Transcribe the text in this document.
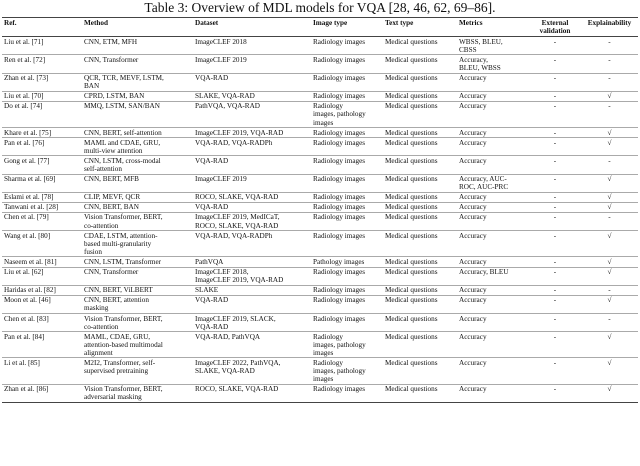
Table 3: Overview of MDL models for VQA [28, 46, 62, 69–86].
Ref.	Method	Dataset	Image type	Text type	Metrics	External
validation	Explainability
Liu et al. [71]	CNN, ETM, MFH	ImageCLEF 2018	Radiology images	Medical questions	WBSS, BLEU,
CBSS	-	-
Ren et al. [72]	CNN, Transformer	ImageCLEF 2019	Radiology images	Medical questions	Accuracy,
BLEU, WBSS	-	-
Zhan et al. [73]	QCR, TCR, MEVF, LSTM,
BAN	VQA-RAD	Radiology images	Medical questions	Accuracy	-	-
Liu et al. [70]	CPRD, LSTM, BAN	SLAKE, VQA-RAD	Radiology images	Medical questions	Accuracy	-	√
Do et al. [74]	MMQ, LSTM, SAN/BAN	PathVQA, VQA-RAD	Radiology
images, pathology
images	Medical questions	Accuracy	-	-
Khare et al. [75]	CNN, BERT, self-attention	ImageCLEF 2019, VQA-RAD	Radiology images	Medical questions	Accuracy	-	√
Pan et al. [76]	MAML and CDAE, GRU,
multi-view attention	VQA-RAD, VQA-RADPh	Radiology images	Medical questions	Accuracy	-	√
Gong et al. [77]	CNN, LSTM, cross-modal
self-attention	VQA-RAD	Radiology images	Medical questions	Accuracy	-	-
Sharma et al. [69]	CNN, BERT, MFB	ImageCLEF 2019	Radiology images	Medical questions	Accuracy, AUC-
ROC, AUC-PRC	-	√
Eslami et al. [78]	CLIP, MEVF, QCR	ROCO, SLAKE, VQA-RAD	Radiology images	Medical questions	Accuracy	-	√
Tanwani et al. [28]	CNN, BERT, BAN	VQA-RAD	Radiology images	Medical questions	Accuracy	-	√
Chen et al. [79]	Vision Transformer, BERT,
co-attention	ImageCLEF 2019, MedICaT,
ROCO, SLAKE, VQA-RAD	Radiology images	Medical questions	Accuracy	-	-
Wang et al. [80]	CDAE, LSTM, attention-
based multi-granularity
fusion	VQA-RAD, VQA-RADPh	Radiology images	Medical questions	Accuracy	-	√
Naseem et al. [81]	CNN, LSTM, Transformer	PathVQA	Pathology images	Medical questions	Accuracy	-	√
Liu et al. [62]	CNN, Transformer	ImageCLEF 2018,
ImageCLEF 2019, VQA-RAD	Radiology images	Medical questions	Accuracy, BLEU	-	√
Haridas et al. [82]	CNN, BERT, ViLBERT	SLAKE	Radiology images	Medical questions	Accuracy	-	-
Moon et al. [46]	CNN, BERT, attention
masking	VQA-RAD	Radiology images	Medical questions	Accuracy	-	√
Chen et al. [83]	Vision Transformer, BERT,
co-attention	ImageCLEF 2019, SLACK,
VQA-RAD	Radiology images	Medical questions	Accuracy	-	-
Pan et al. [84]	MAML, CDAE, GRU,
attention-based multimodal
alignment	VQA-RAD, PathVQA	Radiology
images, pathology
images	Medical questions	Accuracy	-	√
Li et al. [85]	M2I2, Transformer, self-
supervised pretraining	ImageCLEF 2022, PathVQA,
SLAKE, VQA-RAD	Radiology
images, pathology
images	Medical questions	Accuracy	-	√
Zhan et al. [86]	Vision Transformer, BERT,
adversarial masking	ROCO, SLAKE, VQA-RAD	Radiology images	Medical questions	Accuracy	-	√
